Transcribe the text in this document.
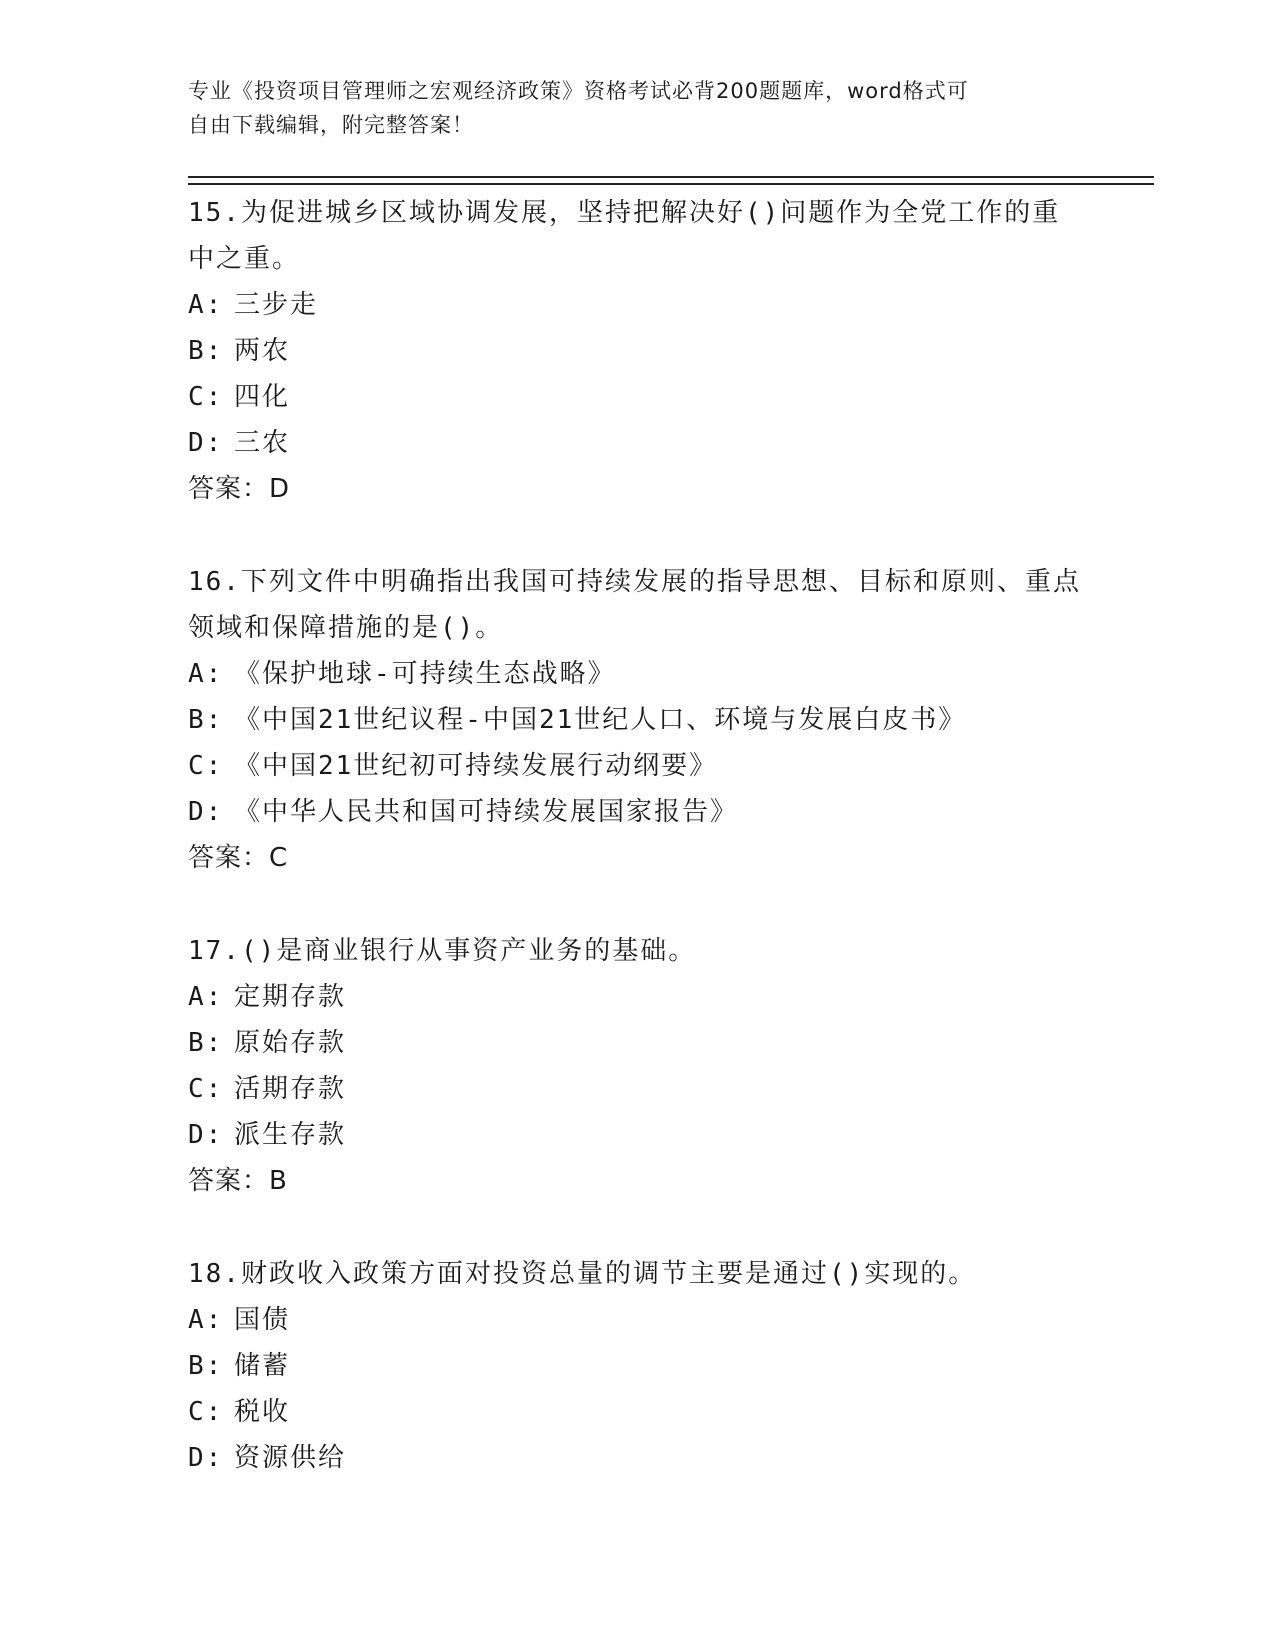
专业《投资项目管理师之宏观经济政策》资格考试必背200题题库，word格式可
自由下载编辑，附完整答案！

15.为促进城乡区域协调发展，坚持把解决好()问题作为全党工作的重中之重。

A: 三步走
B: 两农
C: 四化
D: 三农
答案：D

16.下列文件中明确指出我国可持续发展的指导思想、目标和原则、重点领域和保障措施的是()。

A: 《保护地球-可持续生态战略》
B: 《中国21世纪议程-中国21世纪人口、环境与发展白皮书》
C: 《中国21世纪初可持续发展行动纲要》
D: 《中华人民共和国可持续发展国家报告》
答案：C

17.()是商业银行从事资产业务的基础。

A: 定期存款
B: 原始存款
C: 活期存款
D: 派生存款
答案：B

18.财政收入政策方面对投资总量的调节主要是通过()实现的。

A: 国债
B: 储蓄
C: 税收
D: 资源供给
